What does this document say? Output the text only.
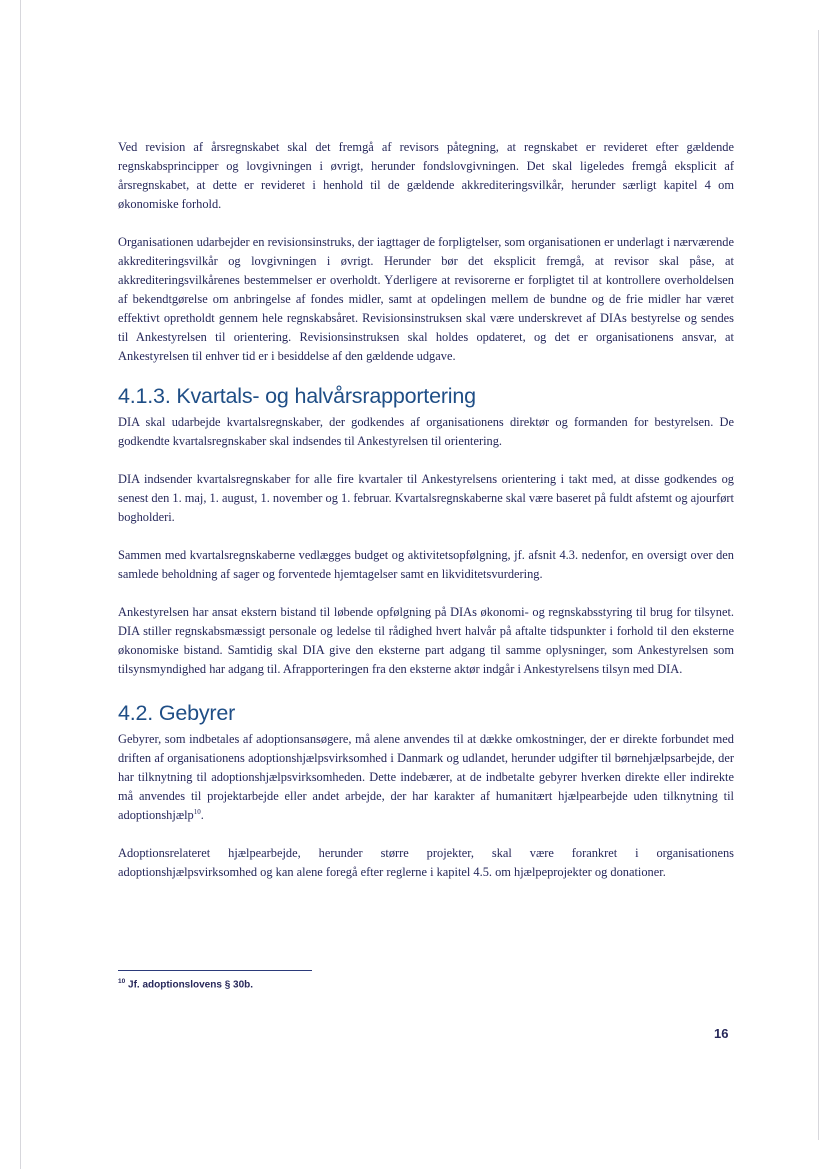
Ved revision af årsregnskabet skal det fremgå af revisors påtegning, at regnskabet er revideret efter gældende regnskabsprincipper og lovgivningen i øvrigt, herunder fondslovgivningen. Det skal ligeledes fremgå eksplicit af årsregnskabet, at dette er revideret i henhold til de gældende akkrediteringsvilkår, herunder særligt kapitel 4 om økonomiske forhold.

Organisationen udarbejder en revisionsinstruks, der iagttager de forpligtelser, som organisationen er underlagt i nærværende akkrediteringsvilkår og lovgivningen i øvrigt. Herunder bør det eksplicit fremgå, at revisor skal påse, at akkrediteringsvilkårenes bestemmelser er overholdt. Yderligere at revisorerne er forpligtet til at kontrollere overholdelsen af bekendtgørelse om anbringelse af fondes midler, samt at opdelingen mellem de bundne og de frie midler har været effektivt opretholdt gennem hele regnskabsåret. Revisionsinstruksen skal være underskrevet af DIAs bestyrelse og sendes til Ankestyrelsen til orientering. Revisionsinstruksen skal holdes opdateret, og det er organisationens ansvar, at Ankestyrelsen til enhver tid er i besiddelse af den gældende udgave.

4.1.3. Kvartals- og halvårsrapportering

DIA skal udarbejde kvartalsregnskaber, der godkendes af organisationens direktør og formanden for bestyrelsen. De godkendte kvartalsregnskaber skal indsendes til Ankestyrelsen til orientering.

DIA indsender kvartalsregnskaber for alle fire kvartaler til Ankestyrelsens orientering i takt med, at disse godkendes og senest den 1. maj, 1. august, 1. november og 1. februar. Kvartalsregnskaberne skal være baseret på fuldt afstemt og ajourført bogholderi.

Sammen med kvartalsregnskaberne vedlægges budget og aktivitetsopfølgning, jf. afsnit 4.3. nedenfor, en oversigt over den samlede beholdning af sager og forventede hjemtagelser samt en likviditetsvurdering.

Ankestyrelsen har ansat ekstern bistand til løbende opfølgning på DIAs økonomi- og regnskabsstyring til brug for tilsynet. DIA stiller regnskabsmæssigt personale og ledelse til rådighed hvert halvår på aftalte tidspunkter i forhold til den eksterne økonomiske bistand. Samtidig skal DIA give den eksterne part adgang til samme oplysninger, som Ankestyrelsen som tilsynsmyndighed har adgang til. Afrapporteringen fra den eksterne aktør indgår i Ankestyrelsens tilsyn med DIA.

4.2. Gebyrer

Gebyrer, som indbetales af adoptionsansøgere, må alene anvendes til at dække omkostninger, der er direkte forbundet med driften af organisationens adoptionshjælpsvirksomhed i Danmark og udlandet, herunder udgifter til børnehjælpsarbejde, der har tilknytning til adoptionshjælpsvirksomheden. Dette indebærer, at de indbetalte gebyrer hverken direkte eller indirekte må anvendes til projektarbejde eller andet arbejde, der har karakter af humanitært hjælpearbejde uden tilknytning til adoptionshjælp$^{10}$.

Adoptionsrelateret hjælpearbejde, herunder større projekter, skal være forankret i organisationens adoptionshjælpsvirksomhed og kan alene foregå efter reglerne i kapitel 4.5. om hjælpeprojekter og donationer.

$^{10}$ Jf. adoptionslovens § 30b.
16
